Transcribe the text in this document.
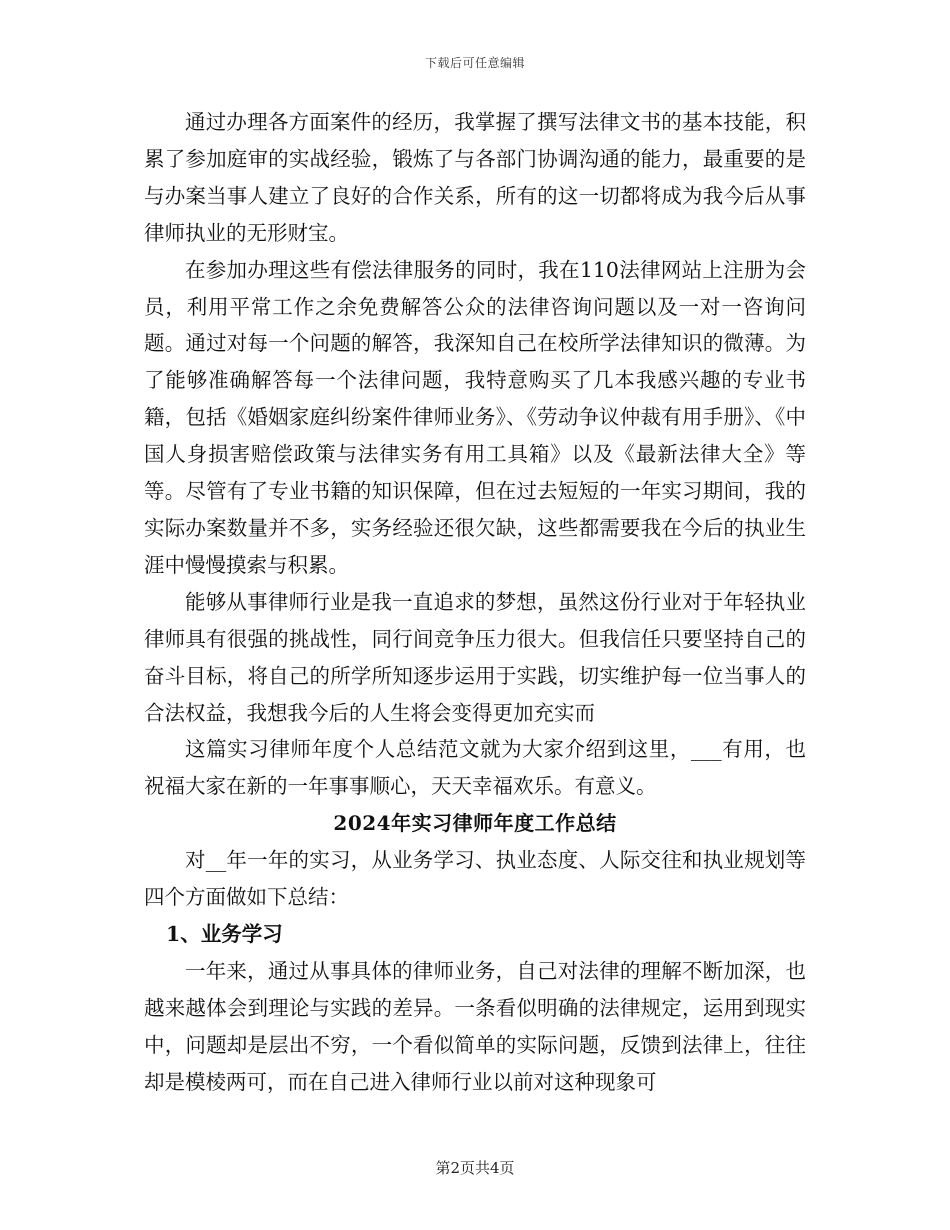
下载后可任意编辑

通过办理各方面案件的经历，我掌握了撰写法律文书的基本技能，积累了参加庭审的实战经验，锻炼了与各部门协调沟通的能力，最重要的是与办案当事人建立了良好的合作关系，所有的这一切都将成为我今后从事律师执业的无形财宝。

在参加办理这些有偿法律服务的同时，我在110法律网站上注册为会员，利用平常工作之余免费解答公众的法律咨询问题以及一对一咨询问题。通过对每一个问题的解答，我深知自己在校所学法律知识的微薄。为了能够准确解答每一个法律问题，我特意购买了几本我感兴趣的专业书籍，包括《婚姻家庭纠纷案件律师业务》、《劳动争议仲裁有用手册》、《中国人身损害赔偿政策与法律实务有用工具箱》以及《最新法律大全》等等。尽管有了专业书籍的知识保障，但在过去短短的一年实习期间，我的实际办案数量并不多，实务经验还很欠缺，这些都需要我在今后的执业生涯中慢慢摸索与积累。

能够从事律师行业是我一直追求的梦想，虽然这份行业对于年轻执业律师具有很强的挑战性，同行间竞争压力很大。但我信任只要坚持自己的奋斗目标，将自己的所学所知逐步运用于实践，切实维护每一位当事人的合法权益，我想我今后的人生将会变得更加充实而

这篇实习律师年度个人总结范文就为大家介绍到这里，___有用，也祝福大家在新的一年事事顺心，天天幸福欢乐。有意义。

2024年实习律师年度工作总结

对__年一年的实习，从业务学习、执业态度、人际交往和执业规划等四个方面做如下总结：

1、业务学习

一年来，通过从事具体的律师业务，自己对法律的理解不断加深，也越来越体会到理论与实践的差异。一条看似明确的法律规定，运用到现实中，问题却是层出不穷，一个看似简单的实际问题，反馈到法律上，往往却是模棱两可，而在自己进入律师行业以前对这种现象可

第2页共4页
